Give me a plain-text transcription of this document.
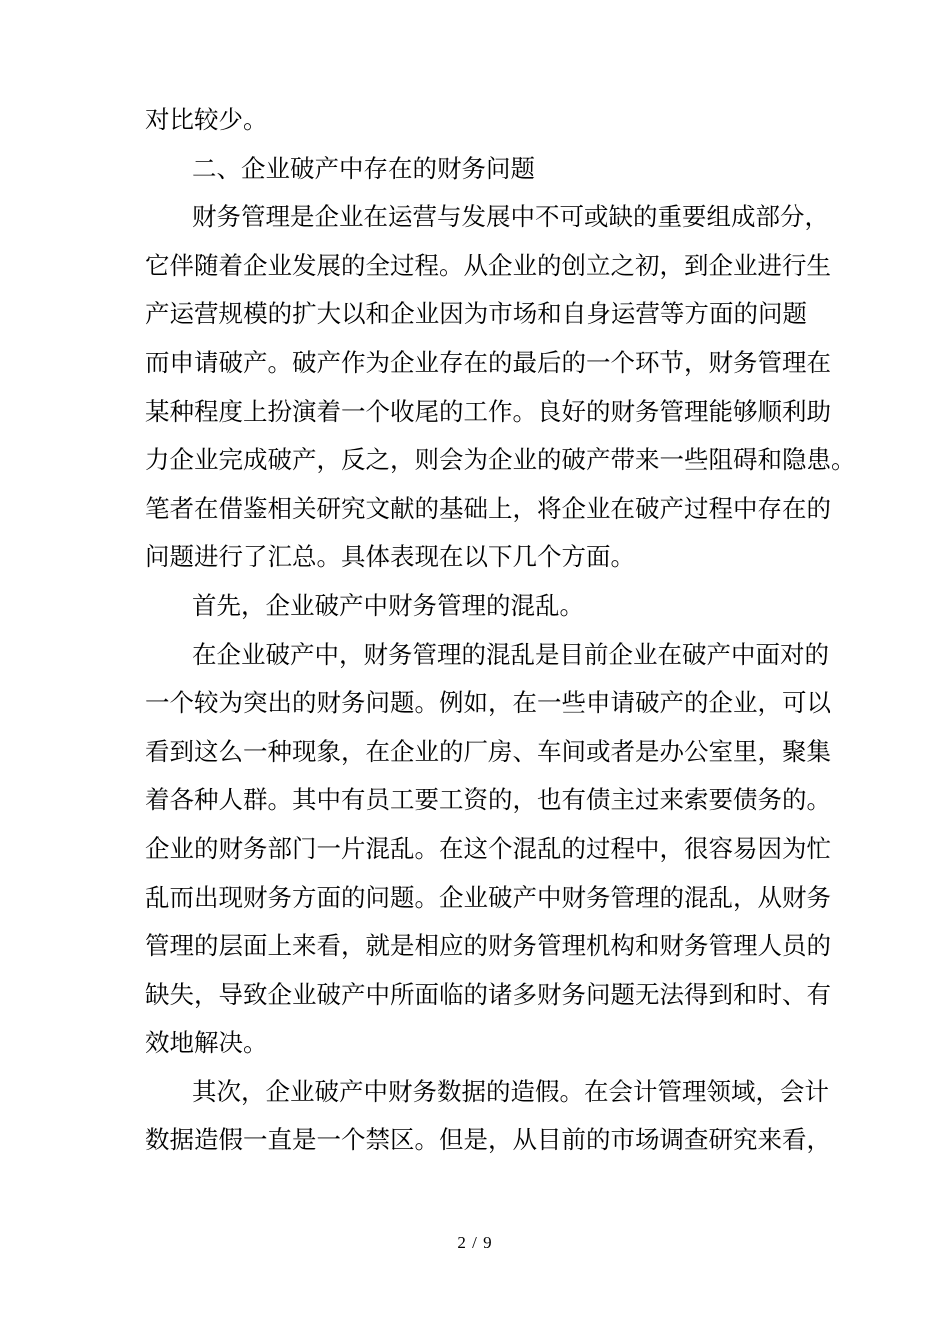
对比较少。
二、企业破产中存在的财务问题
财务管理是企业在运营与发展中不可或缺的重要组成部分，
它伴随着企业发展的全过程。从企业的创立之初，到企业进行生
产运营规模的扩大以和企业因为市场和自身运营等方面的问题
而申请破产。破产作为企业存在的最后的一个环节，财务管理在
某种程度上扮演着一个收尾的工作。良好的财务管理能够顺利助
力企业完成破产，反之，则会为企业的破产带来一些阻碍和隐患。
笔者在借鉴相关研究文献的基础上，将企业在破产过程中存在的
问题进行了汇总。具体表现在以下几个方面。
首先，企业破产中财务管理的混乱。
在企业破产中，财务管理的混乱是目前企业在破产中面对的
一个较为突出的财务问题。例如，在一些申请破产的企业，可以
看到这么一种现象，在企业的厂房、车间或者是办公室里，聚集
着各种人群。其中有员工要工资的，也有债主过来索要债务的。
企业的财务部门一片混乱。在这个混乱的过程中，很容易因为忙
乱而出现财务方面的问题。企业破产中财务管理的混乱，从财务
管理的层面上来看，就是相应的财务管理机构和财务管理人员的
缺失，导致企业破产中所面临的诸多财务问题无法得到和时、有
效地解决。
其次，企业破产中财务数据的造假。在会计管理领域，会计
数据造假一直是一个禁区。但是，从目前的市场调查研究来看，
2 / 9
